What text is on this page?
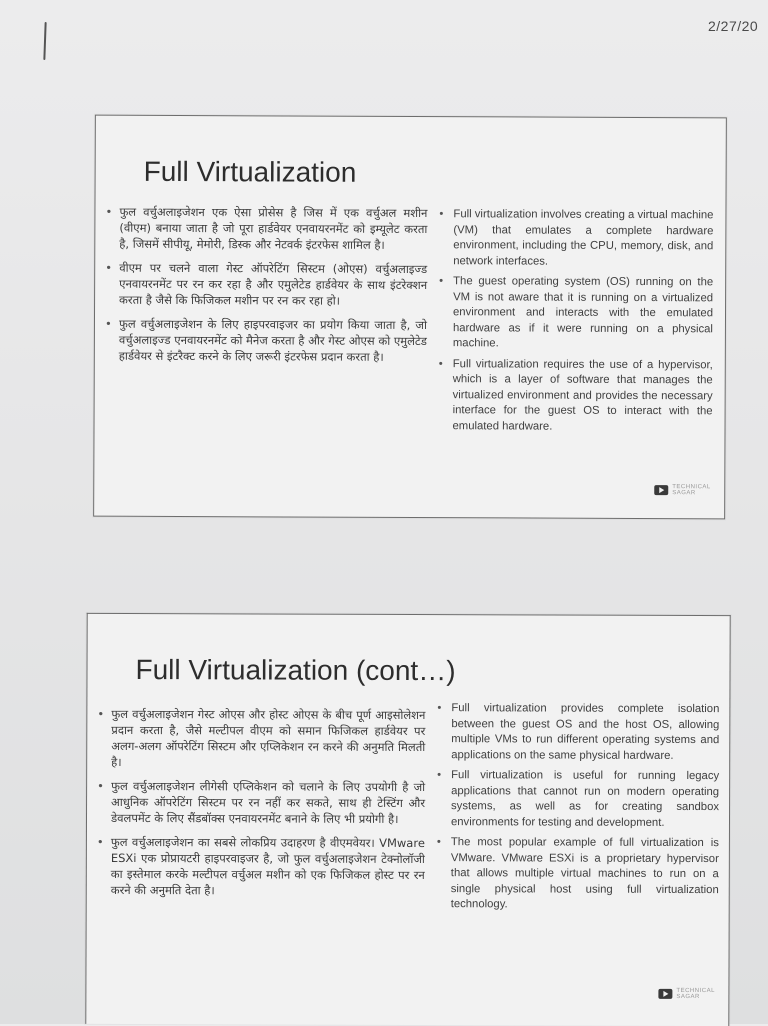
2/27/20
Full Virtualization
• फुल वर्चुअलाइजेशन एक ऐसा प्रोसेस है जिस में एक वर्चुअल मशीन (वीएम) बनाया जाता है जो पूरा हार्डवेयर एनवायरनमेंट को इम्यूलेट करता है, जिसमें सीपीयू, मेमोरी, डिस्क और नेटवर्क इंटरफेस शामिल है।
• वीएम पर चलने वाला गेस्ट ऑपरेटिंग सिस्टम (ओएस) वर्चुअलाइज्ड एनवायरनमेंट पर रन कर रहा है और एमुलेटेड हार्डवेयर के साथ इंटरेक्शन करता है जैसे कि फिजिकल मशीन पर रन कर रहा हो।
• फुल वर्चुअलाइजेशन के लिए हाइपरवाइजर का प्रयोग किया जाता है, जो वर्चुअलाइज्ड एनवायरनमेंट को मैनेज करता है और गेस्ट ओएस को एमुलेटेड हार्डवेयर से इंटरैक्ट करने के लिए जरूरी इंटरफेस प्रदान करता है।
• Full virtualization involves creating a virtual machine (VM) that emulates a complete hardware environment, including the CPU, memory, disk, and network interfaces.
• The guest operating system (OS) running on the VM is not aware that it is running on a virtualized environment and interacts with the emulated hardware as if it were running on a physical machine.
• Full virtualization requires the use of a hypervisor, which is a layer of software that manages the virtualized environment and provides the necessary interface for the guest OS to interact with the emulated hardware.
TECHNICAL SAGAR
Full Virtualization (cont…)
• फुल वर्चुअलाइजेशन गेस्ट ओएस और होस्ट ओएस के बीच पूर्ण आइसोलेशन प्रदान करता है, जैसे मल्टीपल वीएम को समान फिजिकल हार्डवेयर पर अलग-अलग ऑपरेटिंग सिस्टम और एप्लिकेशन रन करने की अनुमति मिलती है।
• फुल वर्चुअलाइजेशन लीगेसी एप्लिकेशन को चलाने के लिए उपयोगी है जो आधुनिक ऑपरेटिंग सिस्टम पर रन नहीं कर सकते, साथ ही टेस्टिंग और डेवलपमेंट के लिए सैंडबॉक्स एनवायरनमेंट बनाने के लिए भी प्रयोगी है।
• फुल वर्चुअलाइजेशन का सबसे लोकप्रिय उदाहरण है वीएमवेयर। VMware ESXi एक प्रोप्रायटरी हाइपरवाइजर है, जो फुल वर्चुअलाइजेशन टेक्नोलॉजी का इस्तेमाल करके मल्टीपल वर्चुअल मशीन को एक फिजिकल होस्ट पर रन करने की अनुमति देता है।
• Full virtualization provides complete isolation between the guest OS and the host OS, allowing multiple VMs to run different operating systems and applications on the same physical hardware.
• Full virtualization is useful for running legacy applications that cannot run on modern operating systems, as well as for creating sandbox environments for testing and development.
• The most popular example of full virtualization is VMware. VMware ESXi is a proprietary hypervisor that allows multiple virtual machines to run on a single physical host using full virtualization technology.
TECHNICAL SAGAR
